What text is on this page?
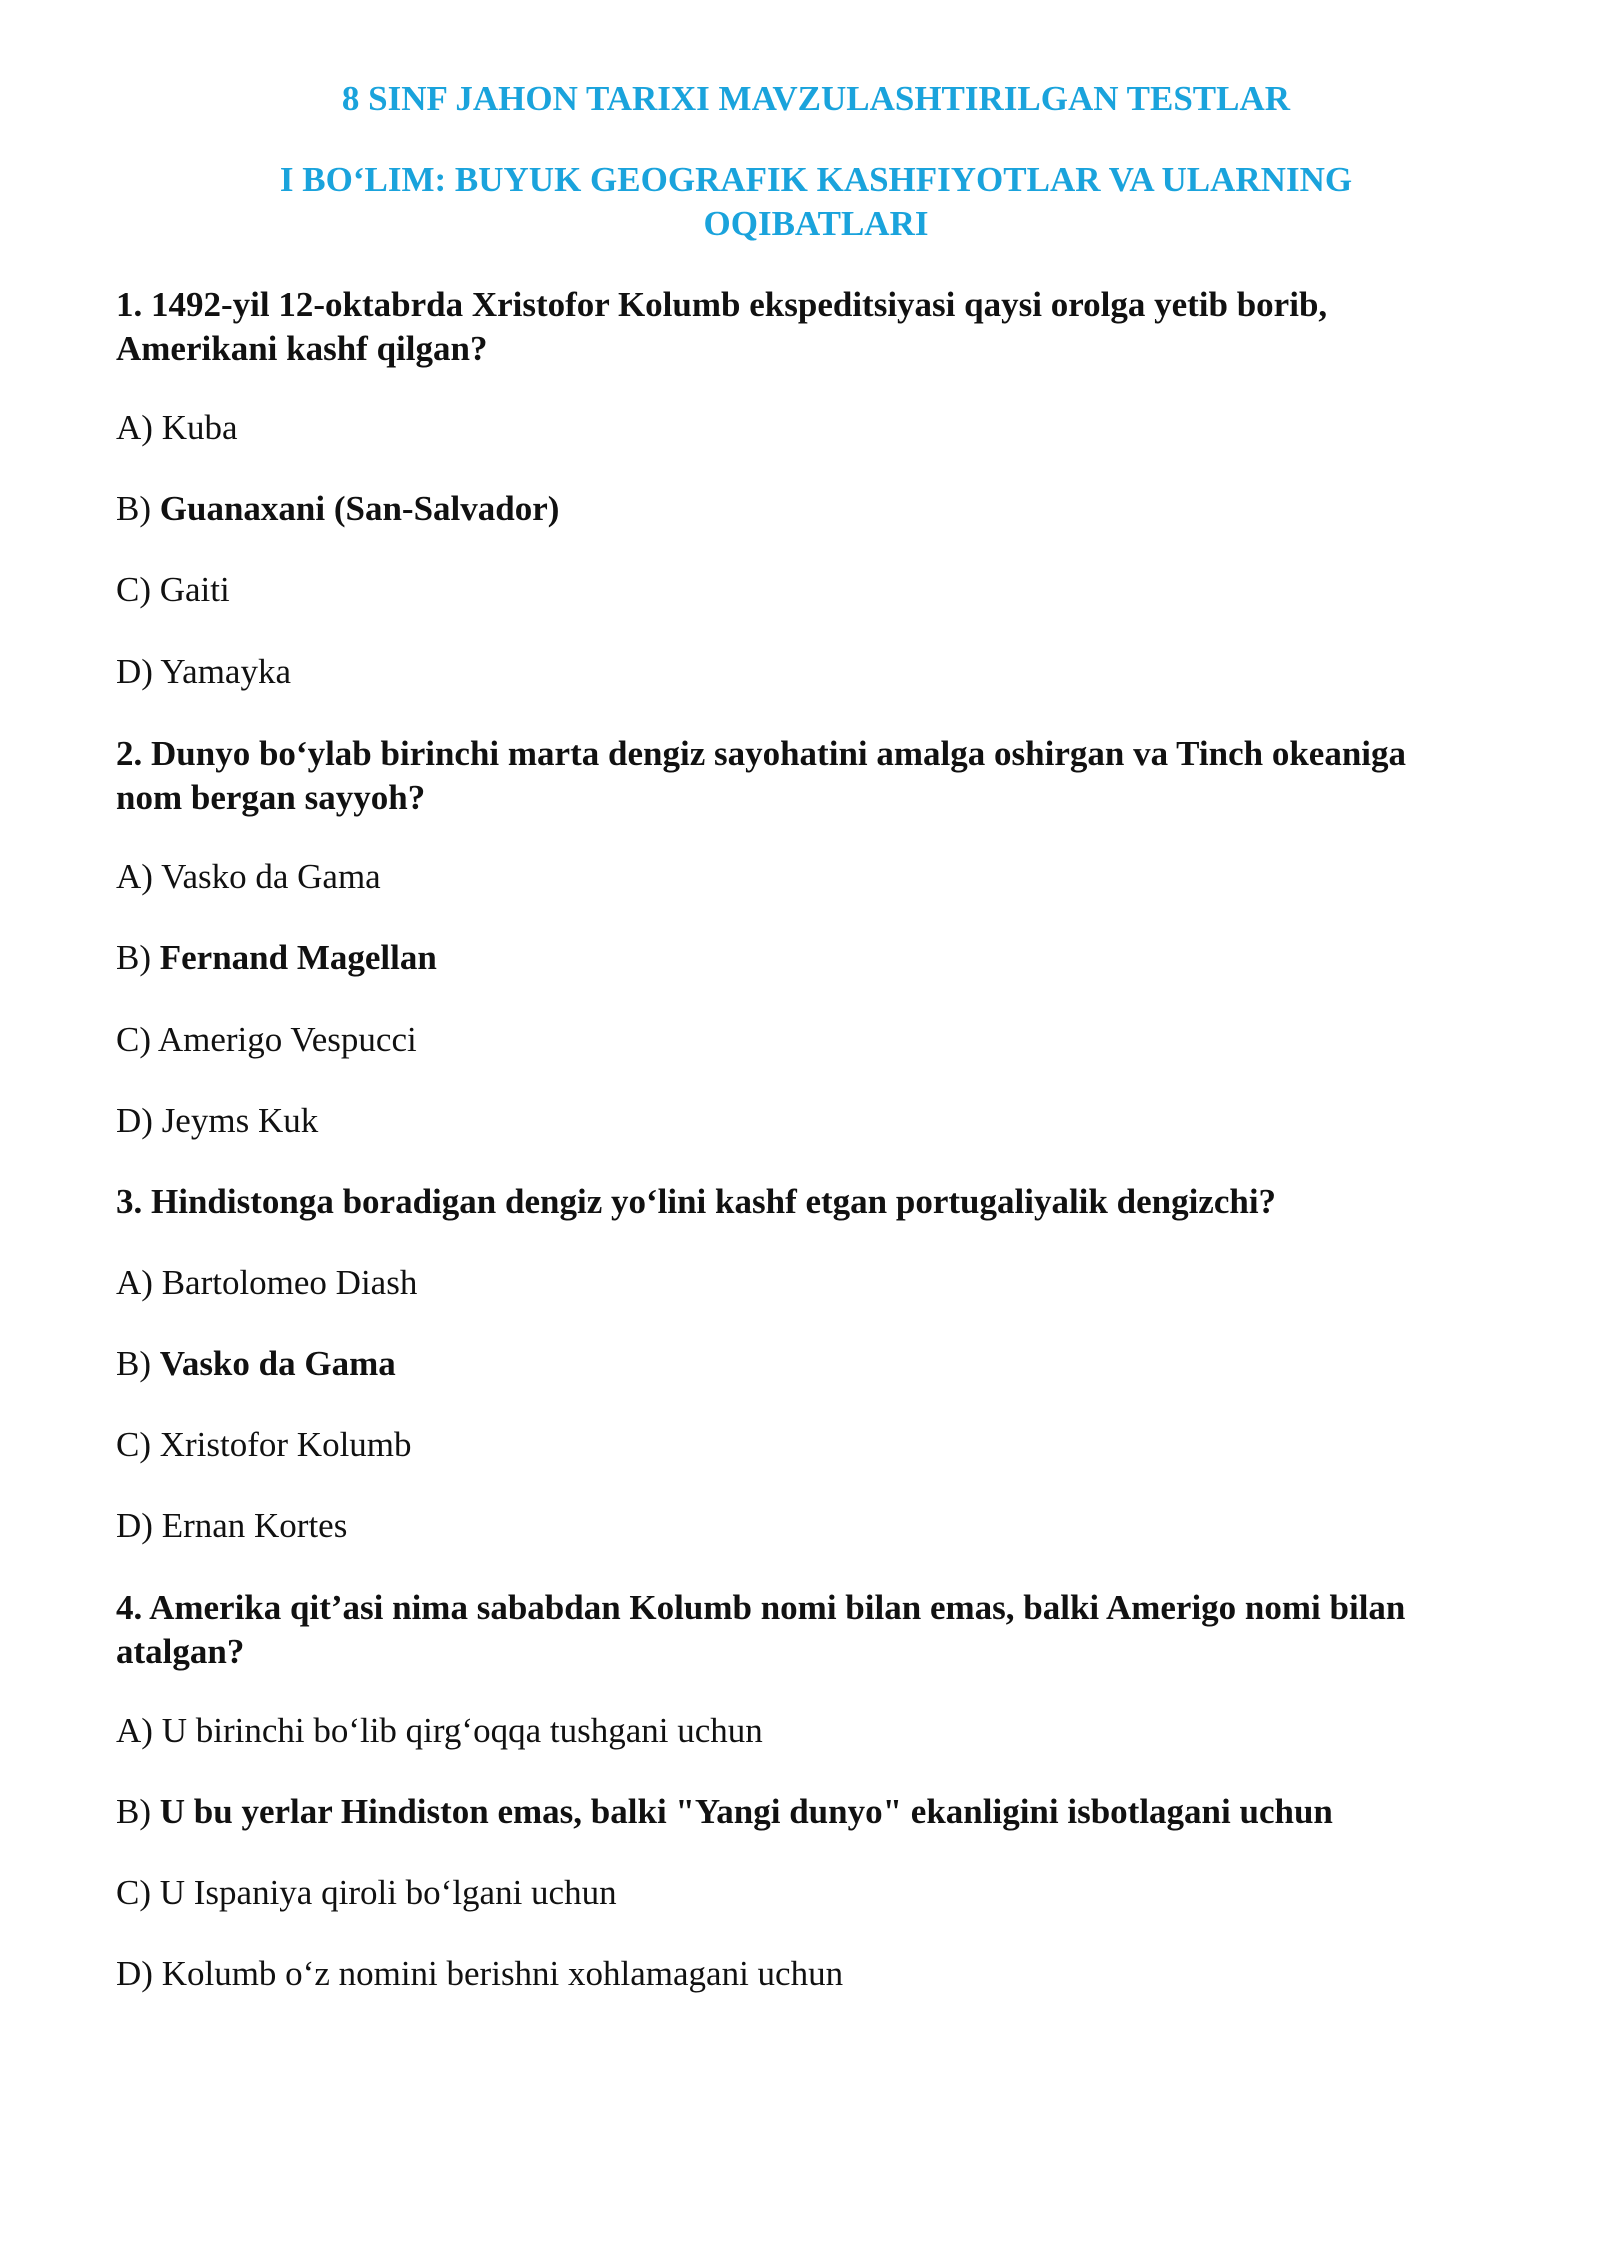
8 SINF JAHON TARIXI MAVZULASHTIRILGAN TESTLAR
I BO‘LIM: BUYUK GEOGRAFIK KASHFIYOTLAR VA ULARNING
OQIBATLARI
1. 1492-yil 12-oktabrda Xristofor Kolumb ekspeditsiyasi qaysi orolga yetib borib,
Amerikani kashf qilgan?
A) Kuba
B) Guanaxani (San-Salvador)
C) Gaiti
D) Yamayka
2. Dunyo bo‘ylab birinchi marta dengiz sayohatini amalga oshirgan va Tinch okeaniga
nom bergan sayyoh?
A) Vasko da Gama
B) Fernand Magellan
C) Amerigo Vespucci
D) Jeyms Kuk
3. Hindistonga boradigan dengiz yo‘lini kashf etgan portugaliyalik dengizchi?
A) Bartolomeo Diash
B) Vasko da Gama
C) Xristofor Kolumb
D) Ernan Kortes
4. Amerika qit’asi nima sababdan Kolumb nomi bilan emas, balki Amerigo nomi bilan
atalgan?
A) U birinchi bo‘lib qirg‘oqqa tushgani uchun
B) U bu yerlar Hindiston emas, balki "Yangi dunyo" ekanligini isbotlagani uchun
C) U Ispaniya qiroli bo‘lgani uchun
D) Kolumb o‘z nomini berishni xohlamagani uchun
